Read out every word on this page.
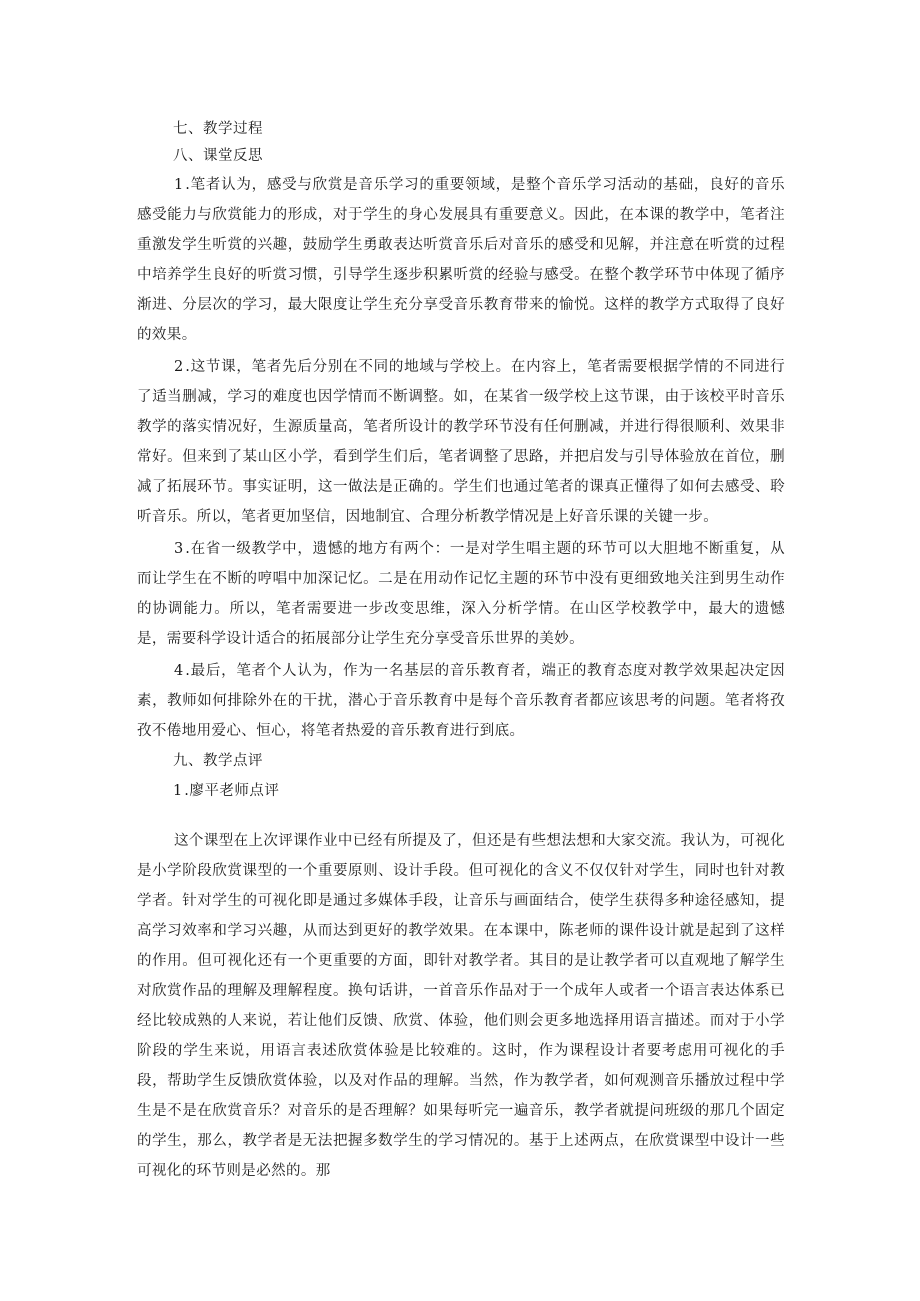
七、教学过程
八、课堂反思

1.笔者认为，感受与欣赏是音乐学习的重要领域，是整个音乐学习活动的基础，良好的音乐感受能力与欣赏能力的形成，对于学生的身心发展具有重要意义。因此，在本课的教学中，笔者注重激发学生听赏的兴趣，鼓励学生勇敢表达听赏音乐后对音乐的感受和见解，并注意在听赏的过程中培养学生良好的听赏习惯，引导学生逐步积累听赏的经验与感受。在整个教学环节中体现了循序渐进、分层次的学习，最大限度让学生充分享受音乐教育带来的愉悦。这样的教学方式取得了良好的效果。

2.这节课，笔者先后分别在不同的地域与学校上。在内容上，笔者需要根据学情的不同进行了适当删减，学习的难度也因学情而不断调整。如，在某省一级学校上这节课，由于该校平时音乐教学的落实情况好，生源质量高，笔者所设计的教学环节没有任何删减，并进行得很顺利、效果非常好。但来到了某山区小学，看到学生们后，笔者调整了思路，并把启发与引导体验放在首位，删减了拓展环节。事实证明，这一做法是正确的。学生们也通过笔者的课真正懂得了如何去感受、聆听音乐。所以，笔者更加坚信，因地制宜、合理分析教学情况是上好音乐课的关键一步。

3.在省一级教学中，遗憾的地方有两个：一是对学生唱主题的环节可以大胆地不断重复，从而让学生在不断的哼唱中加深记忆。二是在用动作记忆主题的环节中没有更细致地关注到男生动作的协调能力。所以，笔者需要进一步改变思维，深入分析学情。在山区学校教学中，最大的遗憾是，需要科学设计适合的拓展部分让学生充分享受音乐世界的美妙。

4.最后，笔者个人认为，作为一名基层的音乐教育者，端正的教育态度对教学效果起决定因素，教师如何排除外在的干扰，潜心于音乐教育中是每个音乐教育者都应该思考的问题。笔者将孜孜不倦地用爱心、恒心，将笔者热爱的音乐教育进行到底。

九、教学点评
1.廖平老师点评

这个课型在上次评课作业中已经有所提及了，但还是有些想法想和大家交流。我认为，可视化是小学阶段欣赏课型的一个重要原则、设计手段。但可视化的含义不仅仅针对学生，同时也针对教学者。针对学生的可视化即是通过多媒体手段，让音乐与画面结合，使学生获得多种途径感知，提高学习效率和学习兴趣，从而达到更好的教学效果。在本课中，陈老师的课件设计就是起到了这样的作用。但可视化还有一个更重要的方面，即针对教学者。其目的是让教学者可以直观地了解学生对欣赏作品的理解及理解程度。换句话讲，一首音乐作品对于一个成年人或者一个语言表达体系已经比较成熟的人来说，若让他们反馈、欣赏、体验，他们则会更多地选择用语言描述。而对于小学阶段的学生来说，用语言表述欣赏体验是比较难的。这时，作为课程设计者要考虑用可视化的手段，帮助学生反馈欣赏体验，以及对作品的理解。当然，作为教学者，如何观测音乐播放过程中学生是不是在欣赏音乐？对音乐的是否理解？如果每听完一遍音乐，教学者就提问班级的那几个固定的学生，那么，教学者是无法把握多数学生的学习情况的。基于上述两点，在欣赏课型中设计一些可视化的环节则是必然的。那
